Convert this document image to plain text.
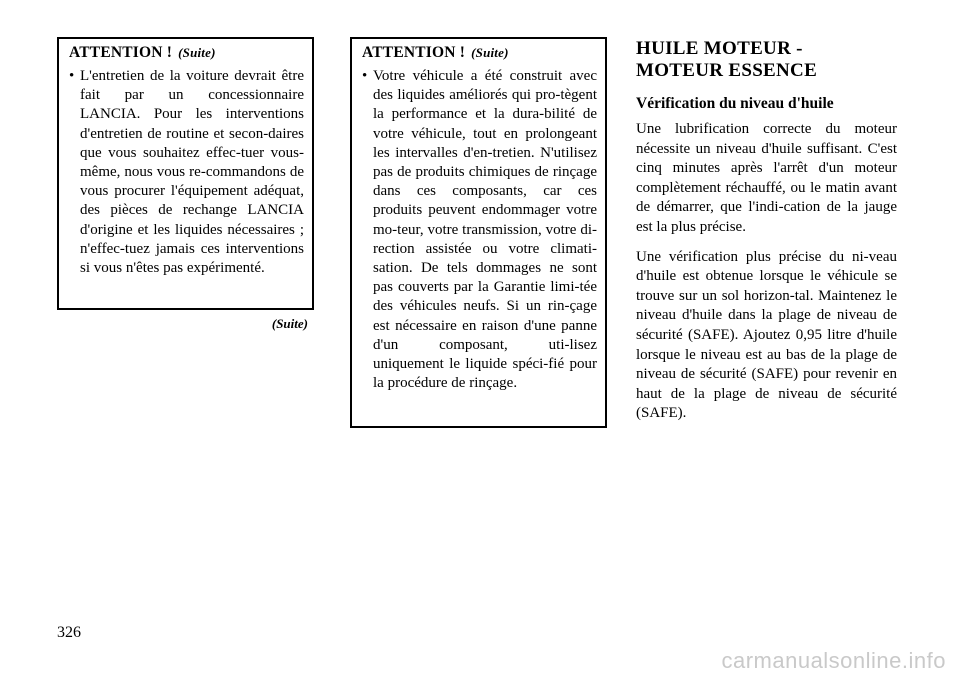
ATTENTION ! (Suite)
• L'entretien de la voiture devrait être fait par un concessionnaire LANCIA. Pour les interventions d'entretien de routine et secon-daires que vous souhaitez effec-tuer vous-même, nous vous re-commandons de vous procurer l'équipement adéquat, des pièces de rechange LANCIA d'origine et les liquides nécessaires ; n'effec-tuez jamais ces interventions si vous n'êtes pas expérimenté.
(Suite)
ATTENTION ! (Suite)
• Votre véhicule a été construit avec des liquides améliorés qui pro-tègent la performance et la dura-bilité de votre véhicule, tout en prolongeant les intervalles d'en-tretien. N'utilisez pas de produits chimiques de rinçage dans ces composants, car ces produits peuvent endommager votre mo-teur, votre transmission, votre di-rection assistée ou votre climati-sation. De tels dommages ne sont pas couverts par la Garantie limi-tée des véhicules neufs. Si un rin-çage est nécessaire en raison d'une panne d'un composant, uti-lisez uniquement le liquide spéci-fié pour la procédure de rinçage.
HUILE MOTEUR -
MOTEUR ESSENCE
Vérification du niveau d'huile

Une lubrification correcte du moteur nécessite un niveau d'huile suffisant. C'est cinq minutes après l'arrêt d'un moteur complètement réchauffé, ou le matin avant de démarrer, que l'indi-cation de la jauge est la plus précise.

Une vérification plus précise du ni-veau d'huile est obtenue lorsque le véhicule se trouve sur un sol horizon-tal. Maintenez le niveau d'huile dans la plage de niveau de sécurité (SAFE). Ajoutez 0,95 litre d'huile lorsque le niveau est au bas de la plage de niveau de sécurité (SAFE) pour revenir en haut de la plage de niveau de sécurité (SAFE).

326
carmanualsonline.info
